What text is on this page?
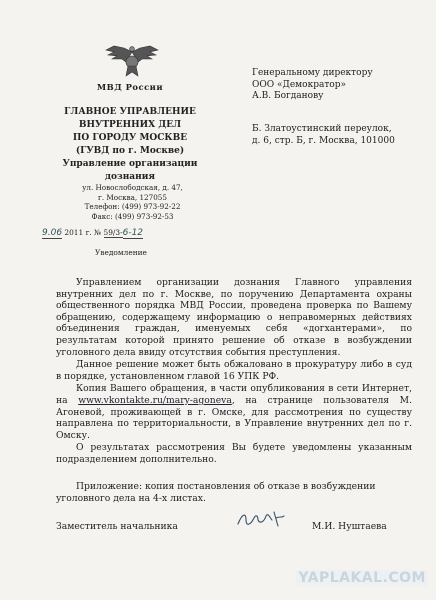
МВД России
ГЛАВНОЕ УПРАВЛЕНИЕ
ВНУТРЕННИХ ДЕЛ
ПО ГОРОДУ МОСКВЕ
(ГУВД по г. Москве)
Управление организации
дознания
ул. Новослободская, д. 47,
г. Москва, 127055
Телефон: (499) 973-92-22
Факс: (499) 973-92-53
9.06 2011 г. № 59/3-6-12
Уведомление
Генеральному директору
ООО «Демократор»
А.В. Богданову
Б. Златоустинский переулок,
д. 6, стр. Б, г. Москва, 101000

Управлением организации дознания Главного управления внутренних дел по г. Москве, по поручению Департамента охраны общественного порядка МВД России, проведена проверка по Вашему обращению, содержащему информацию о неправомерных действиях объединения граждан, именуемых себя «догхантерами», по результатам которой принято решение об отказе в возбуждении уголовного дела ввиду отсутствия события преступления.

Данное решение может быть обжаловано в прокуратуру либо в суд в порядке, установленном главой 16 УПК РФ.

Копия Вашего обращения, в части опубликования в сети Интернет, на www.vkontakte.ru/mary-agoneva, на странице пользователя М. Агоневой, проживающей в г. Омске, для рассмотрения по существу направлена по территориальности, в Управление внутренних дел по г. Омску.

О результатах рассмотрения Вы будете уведомлены указанным подразделением дополнительно.

Приложение: копия постановления об отказе в возбуждении уголовного дела на 4-х листах.
Заместитель начальника	М.И. Нуштаева
YAPLAKAL.COM
